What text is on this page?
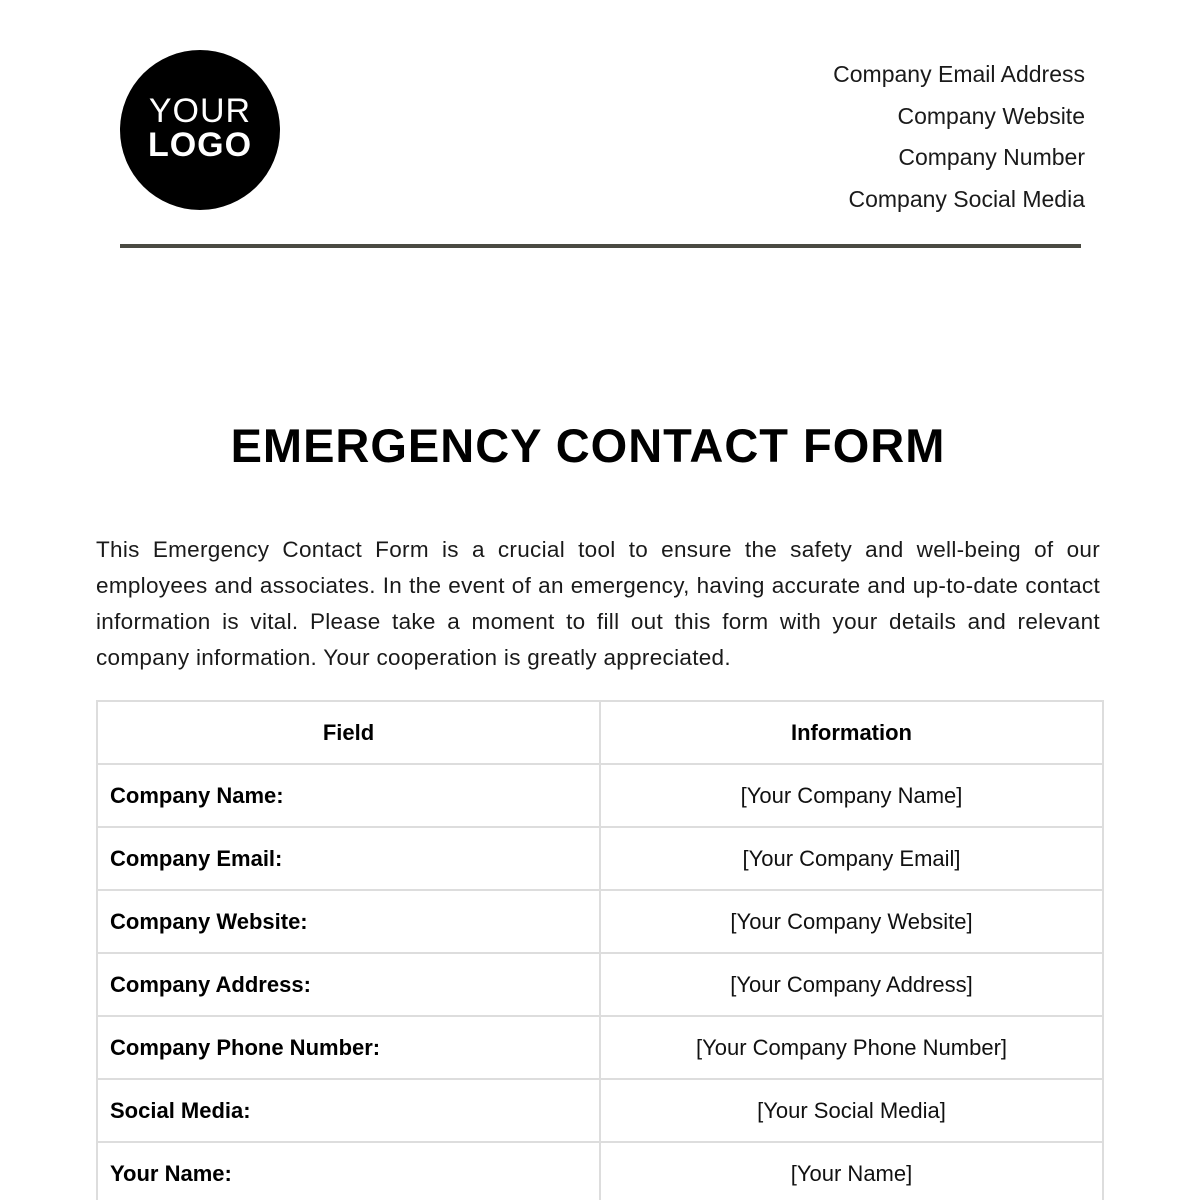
YOUR
LOGO
Company Email Address
Company Website
Company Number
Company Social Media
EMERGENCY CONTACT FORM

This Emergency Contact Form is a crucial tool to ensure the safety and well-being of our employees and associates. In the event of an emergency, having accurate and up-to-date contact information is vital. Please take a moment to fill out this form with your details and relevant company information. Your cooperation is greatly appreciated.

Field	Information
Company Name:	[Your Company Name]
Company Email:	[Your Company Email]
Company Website:	[Your Company Website]
Company Address:	[Your Company Address]
Company Phone Number:	[Your Company Phone Number]
Social Media:	[Your Social Media]
Your Name:	[Your Name]
